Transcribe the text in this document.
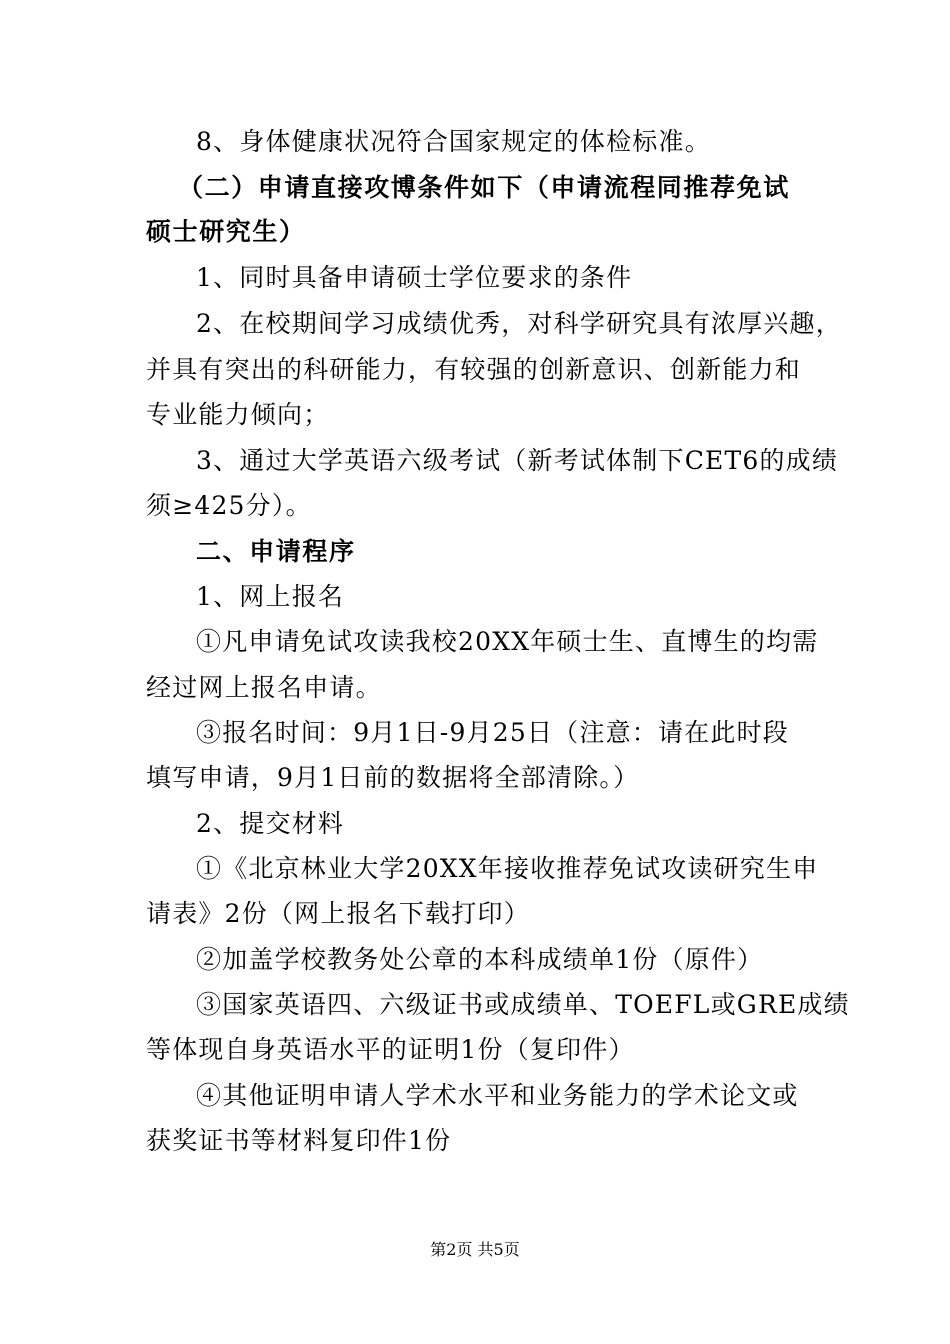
8、身体健康状况符合国家规定的体检标准。
（二）申请直接攻博条件如下（申请流程同推荐免试
硕士研究生）
1、同时具备申请硕士学位要求的条件
2、在校期间学习成绩优秀，对科学研究具有浓厚兴趣，
并具有突出的科研能力，有较强的创新意识、创新能力和
专业能力倾向；
3、通过大学英语六级考试（新考试体制下CET6的成绩
须≥425分）。
二、申请程序
1、网上报名
①凡申请免试攻读我校20XX年硕士生、直博生的均需
经过网上报名申请。
③报名时间：9月1日-9月25日（注意：请在此时段
填写申请，9月1日前的数据将全部清除。）
2、提交材料
①《北京林业大学20XX年接收推荐免试攻读研究生申
请表》2份（网上报名下载打印）
②加盖学校教务处公章的本科成绩单1份（原件）
③国家英语四、六级证书或成绩单、TOEFL或GRE成绩
等体现自身英语水平的证明1份（复印件）
④其他证明申请人学术水平和业务能力的学术论文或
获奖证书等材料复印件1份
第2页 共5页
